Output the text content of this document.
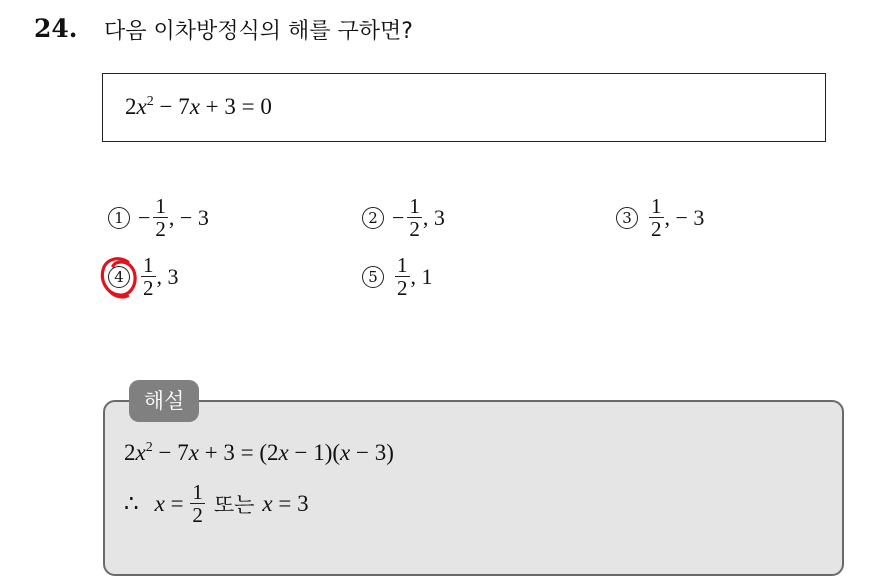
24. 다음 이차방정식의 해를 구하면?
$2x^2 - 7x + 3 = 0$
$1 - \frac{1}{2}$ , − 3	$2 - \frac{1}{2}$ , 3	$3 \frac{1}{2}$ , − 3
$4 \frac{1}{2}$ , 3	$5 \frac{1}{2}$ , 1
해설
$2x^2 - 7x + 3 = (2x - 1)(x - 3)$
∴ $x = \frac{1}{2}$ 또는 x = 3
